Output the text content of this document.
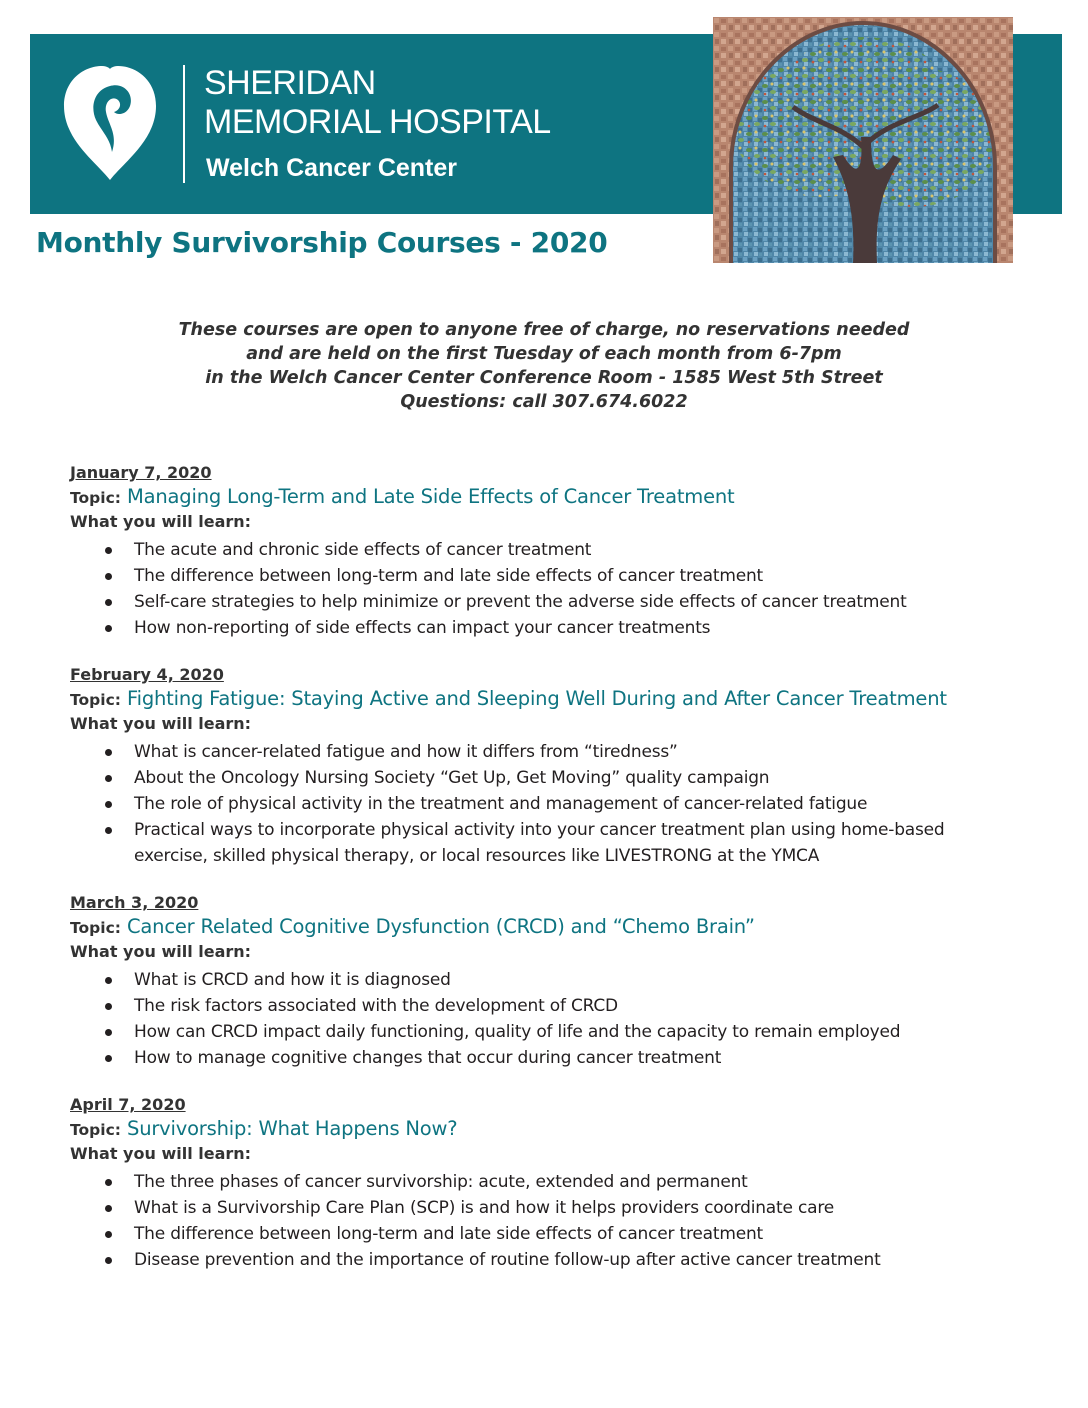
SHERIDAN
MEMORIAL HOSPITAL
Welch Cancer Center
Monthly Survivorship Courses - 2020
These courses are open to anyone free of charge, no reservations needed
and are held on the first Tuesday of each month from 6-7pm
in the Welch Cancer Center Conference Room - 1585 West 5th Street
Questions: call 307.674.6022
January 7, 2020
Topic: Managing Long-Term and Late Side Effects of Cancer Treatment
What you will learn:
The acute and chronic side effects of cancer treatment
The difference between long-term and late side effects of cancer treatment
Self-care strategies to help minimize or prevent the adverse side effects of cancer treatment
How non-reporting of side effects can impact your cancer treatments
February 4, 2020
Topic: Fighting Fatigue: Staying Active and Sleeping Well During and After Cancer Treatment
What you will learn:
What is cancer-related fatigue and how it differs from “tiredness”
About the Oncology Nursing Society “Get Up, Get Moving” quality campaign
The role of physical activity in the treatment and management of cancer-related fatigue
Practical ways to incorporate physical activity into your cancer treatment plan using home-based exercise, skilled physical therapy, or local resources like LIVESTRONG at the YMCA
March 3, 2020
Topic: Cancer Related Cognitive Dysfunction (CRCD) and “Chemo Brain”
What you will learn:
What is CRCD and how it is diagnosed
The risk factors associated with the development of CRCD
How can CRCD impact daily functioning, quality of life and the capacity to remain employed
How to manage cognitive changes that occur during cancer treatment
April 7, 2020
Topic: Survivorship: What Happens Now?
What you will learn:
The three phases of cancer survivorship: acute, extended and permanent
What is a Survivorship Care Plan (SCP) is and how it helps providers coordinate care
The difference between long-term and late side effects of cancer treatment
Disease prevention and the importance of routine follow-up after active cancer treatment
